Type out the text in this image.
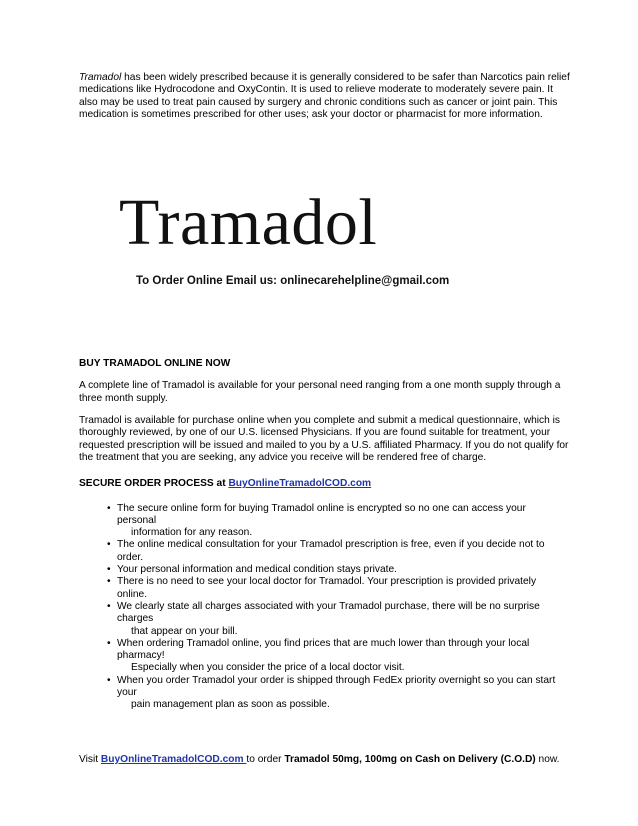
Tramadol has been widely prescribed because it is generally considered to be safer than Narcotics pain relief medications like Hydrocodone and OxyContin. It is used to relieve moderate to moderately severe pain. It also may be used to treat pain caused by surgery and chronic conditions such as cancer or joint pain. This medication is sometimes prescribed for other uses; ask your doctor or pharmacist for more information.

Tramadol
To Order Online Email us: onlinecarehelpline@gmail.com

BUY TRAMADOL ONLINE NOW

A complete line of Tramadol is available for your personal need ranging from a one month supply through a three month supply.

Tramadol is available for purchase online when you complete and submit a medical questionnaire, which is thoroughly reviewed, by one of our U.S. licensed Physicians. If you are found suitable for treatment, your requested prescription will be issued and mailed to you by a U.S. affiliated Pharmacy. If you do not qualify for the treatment that you are seeking, any advice you receive will be rendered free of charge.

SECURE ORDER PROCESS at BuyOnlineTramadolCOD.com

• The secure online form for buying Tramadol online is encrypted so no one can access your personal
information for any reason.
• The online medical consultation for your Tramadol prescription is free, even if you decide not to order.
• Your personal information and medical condition stays private.
• There is no need to see your local doctor for Tramadol. Your prescription is provided privately online.
• We clearly state all charges associated with your Tramadol purchase, there will be no surprise charges
that appear on your bill.
• When ordering Tramadol online, you find prices that are much lower than through your local pharmacy!
Especially when you consider the price of a local doctor visit.
• When you order Tramadol your order is shipped through FedEx priority overnight so you can start your
pain management plan as soon as possible.

Visit BuyOnlineTramadolCOD.com to order Tramadol 50mg, 100mg on Cash on Delivery (C.O.D) now.
